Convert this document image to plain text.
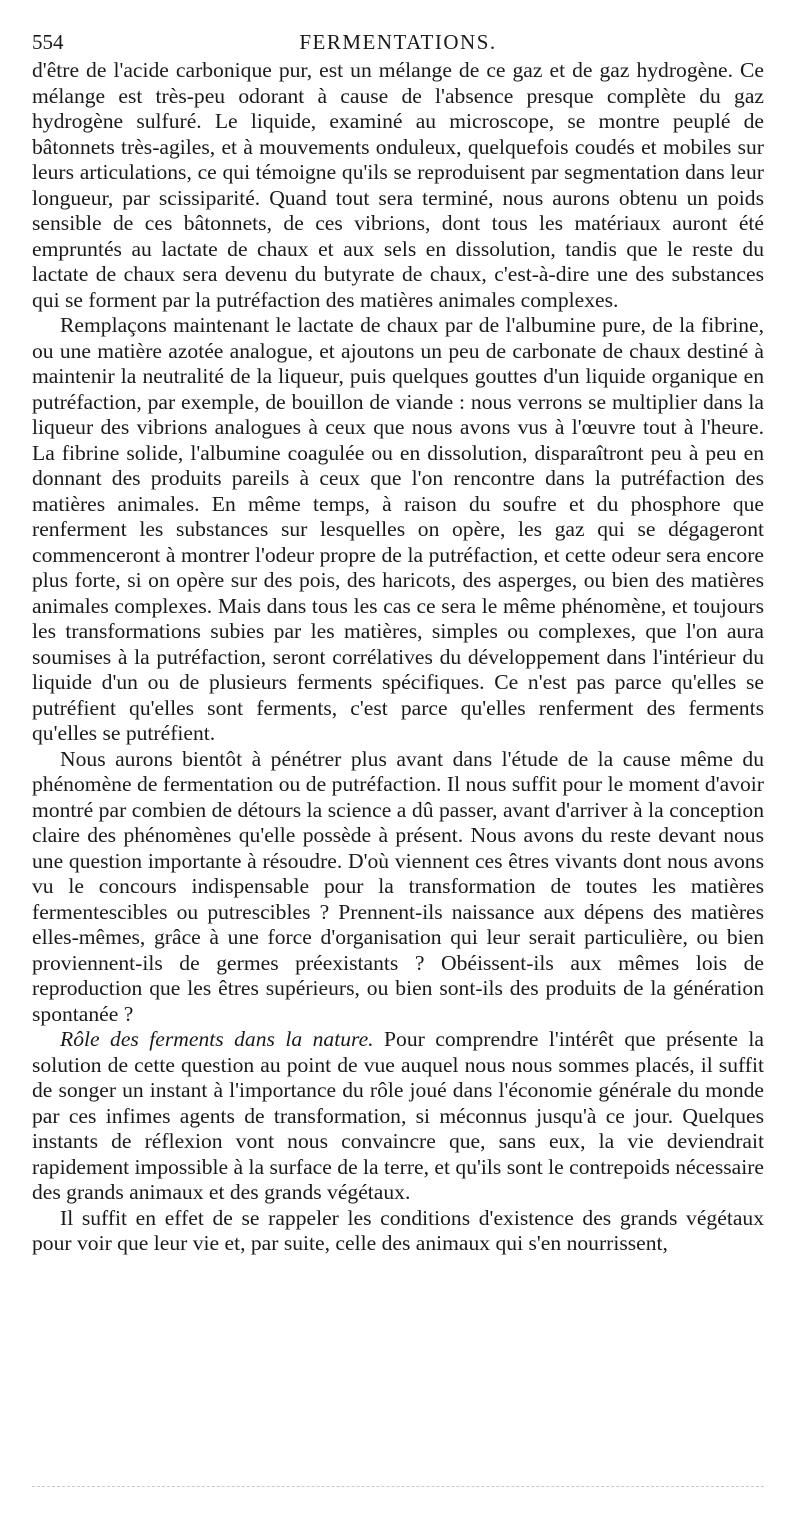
554	FERMENTATIONS.

d'être de l'acide carbonique pur, est un mélange de ce gaz et de gaz hydrogène. Ce mélange est très-peu odorant à cause de l'absence presque complète du gaz hydrogène sulfuré. Le liquide, examiné au microscope, se montre peuplé de bâtonnets très-agiles, et à mouvements onduleux, quelquefois coudés et mobiles sur leurs articulations, ce qui témoigne qu'ils se reproduisent par segmentation dans leur longueur, par scissiparité. Quand tout sera terminé, nous aurons obtenu un poids sensible de ces bâtonnets, de ces vibrions, dont tous les matériaux auront été empruntés au lactate de chaux et aux sels en dissolution, tandis que le reste du lactate de chaux sera devenu du butyrate de chaux, c'est-à-dire une des substances qui se forment par la putréfaction des matières animales complexes.

Remplaçons maintenant le lactate de chaux par de l'albumine pure, de la fibrine, ou une matière azotée analogue, et ajoutons un peu de carbonate de chaux destiné à maintenir la neutralité de la liqueur, puis quelques gouttes d'un liquide organique en putréfaction, par exemple, de bouillon de viande : nous verrons se multiplier dans la liqueur des vibrions analogues à ceux que nous avons vus à l'œuvre tout à l'heure. La fibrine solide, l'albumine coagulée ou en dissolution, disparaîtront peu à peu en donnant des produits pareils à ceux que l'on rencontre dans la putréfaction des matières animales. En même temps, à raison du soufre et du phosphore que renferment les substances sur lesquelles on opère, les gaz qui se dégageront commenceront à montrer l'odeur propre de la putréfaction, et cette odeur sera encore plus forte, si on opère sur des pois, des haricots, des asperges, ou bien des matières animales complexes. Mais dans tous les cas ce sera le même phénomène, et toujours les transformations subies par les matières, simples ou complexes, que l'on aura soumises à la putréfaction, seront corrélatives du développement dans l'intérieur du liquide d'un ou de plusieurs ferments spécifiques. Ce n'est pas parce qu'elles se putréfient qu'elles sont ferments, c'est parce qu'elles renferment des ferments qu'elles se putréfient.

Nous aurons bientôt à pénétrer plus avant dans l'étude de la cause même du phénomène de fermentation ou de putréfaction. Il nous suffit pour le moment d'avoir montré par combien de détours la science a dû passer, avant d'arriver à la conception claire des phénomènes qu'elle possède à présent. Nous avons du reste devant nous une question importante à résoudre. D'où viennent ces êtres vivants dont nous avons vu le concours indispensable pour la transformation de toutes les matières fermentescibles ou putrescibles ? Prennent-ils naissance aux dépens des matières elles-mêmes, grâce à une force d'organisation qui leur serait particulière, ou bien proviennent-ils de germes préexistants ? Obéissent-ils aux mêmes lois de reproduction que les êtres supérieurs, ou bien sont-ils des produits de la génération spontanée ?

Rôle des ferments dans la nature. Pour comprendre l'intérêt que présente la solution de cette question au point de vue auquel nous nous sommes placés, il suffit de songer un instant à l'importance du rôle joué dans l'économie générale du monde par ces infimes agents de transformation, si méconnus jusqu'à ce jour. Quelques instants de réflexion vont nous convaincre que, sans eux, la vie deviendrait rapidement impossible à la surface de la terre, et qu'ils sont le contrepoids nécessaire des grands animaux et des grands végétaux.

Il suffit en effet de se rappeler les conditions d'existence des grands végétaux pour voir que leur vie et, par suite, celle des animaux qui s'en nourrissent,
